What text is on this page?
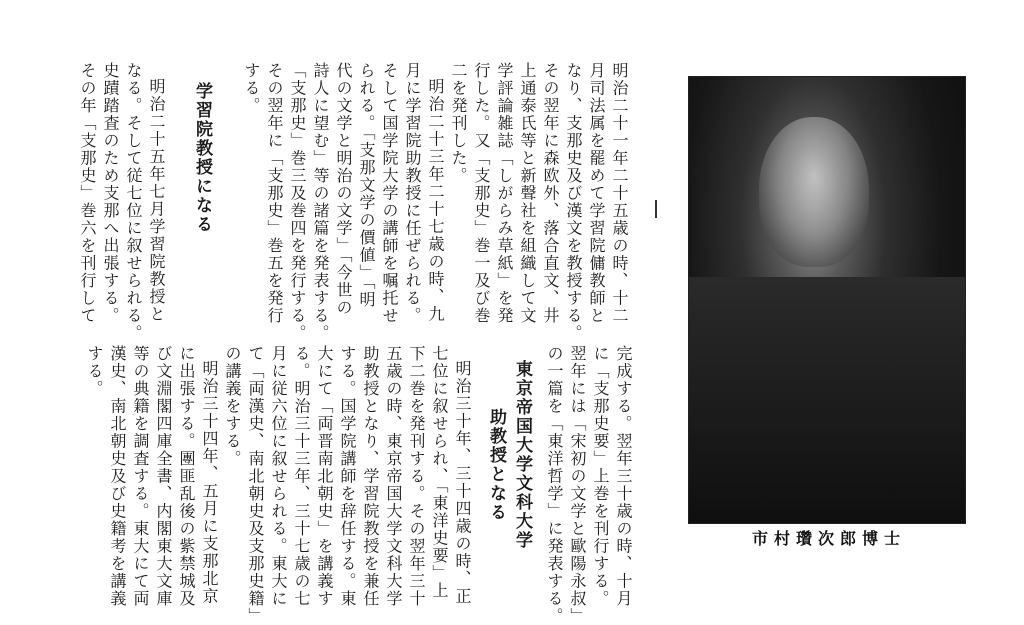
明治二十一年二十五歳の時、十二
月司法属を罷めて学習院傭教師と
なり、支那史及び漢文を教授する。
その翌年に森欧外、落合直文、井
上通泰氏等と新聲社を組織して文
学評論雑誌「しがらみ草紙」を発
行した。又「支那史」巻一及び巻
二を発刊した。
明治二十三年二十七歳の時、九
月に学習院助教授に任ぜられる。
そして国学院大学の講師を嘱托せ
られる。「支那文学の價値」「明
代の文学と明治の文学」「今世の
詩人に望む」等の諸篇を発表する。
「支那史」巻三及巻四を発行する。
その翌年に「支那史」巻五を発行
する。
学習院教授になる
明治二十五年七月学習院教授と
なる。そして従七位に叙せられる。
史蹟踏査のため支那へ出張する。
その年「支那史」巻六を刊行して
完成する。翌年三十歳の時、十月
に「支那史要」上巻を刊行する。
翌年には「宋初の文学と歐陽永叔」
の一篇を「東洋哲学」に発表する。
東京帝国大学文科大学
助教授となる
明治三十年、三十四歳の時、正
七位に叙せられ、「東洋史要」上
下二巻を発刊する。その翌年三十
五歳の時、東京帝国大学文科大学
助教授となり、学習院教授を兼任
する。国学院講師を辞任する。東
大にて「両晋南北朝史」を講義す
る。明治三十三年、三十七歳の七
月に従六位に叙せられる。東大に
て「両漢史、南北朝史及支那史籍」
の講義をする。
明治三十四年、五月に支那北京
に出張する。團匪乱後の紫禁城及
び文淵閣四庫全書、内閣東大文庫
等の典籍を調査する。東大にて両
漢史、南北朝史及び史籍考を講義
する。
市村瓚次郎博士
